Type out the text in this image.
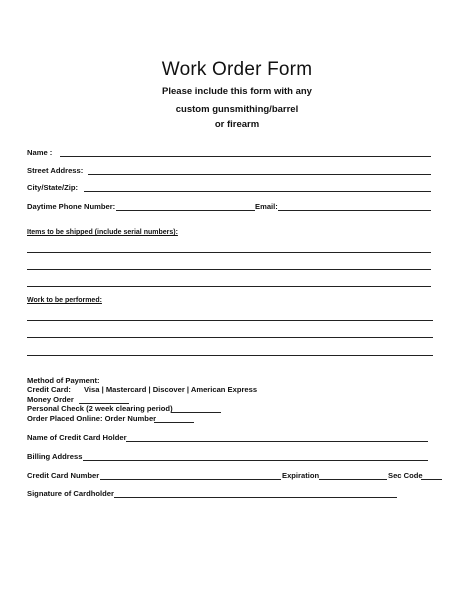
Work Order Form
Please include this form with any
custom gunsmithing/barrel
or firearm
Name :
Street Address:
City/State/Zip:
Daytime Phone Number:	Email:
Items to be shipped (include serial numbers):
Work to be performed:
Method of Payment:
Credit Card: Visa | Mastercard | Discover | American Express
Money Order
Personal Check (2 week clearing period)
Order Placed Online: Order Number
Name of Credit Card Holder
Billing Address
Credit Card Number	Expiration	Sec Code
Signature of Cardholder
